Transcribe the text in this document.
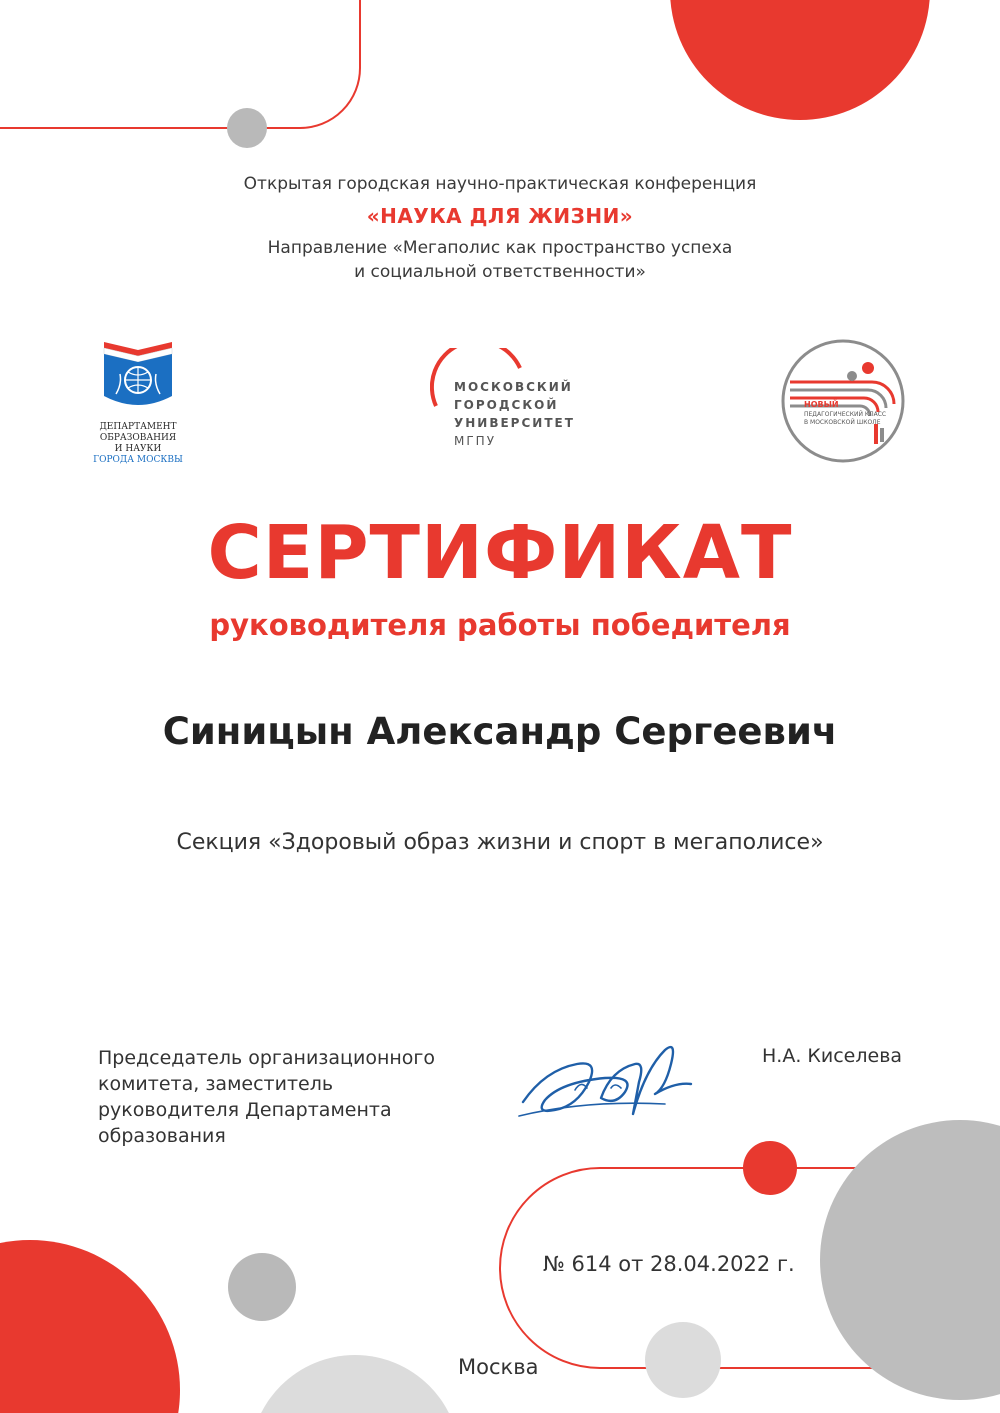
Открытая городская научно-практическая конференция
«НАУКА ДЛЯ ЖИЗНИ»
Направление «Мегаполис как пространство успеха
и социальной ответственности»
ДЕПАРТАМЕНТ
ОБРАЗОВАНИЯ
И НАУКИ
ГОРОДА МОСКВЫ
МОСКОВСКИЙ
ГОРОДСКОЙ
УНИВЕРСИТЕТ
МГПУ
НОВЫЙ
ПЕДАГОГИЧЕСКИЙ КЛАСС
В МОСКОВСКОЙ ШКОЛЕ
СЕРТИФИКАТ
руководителя работы победителя
Синицын Александр Сергеевич
Секция «Здоровый образ жизни и спорт в мегаполисе»
Председатель организационного
комитета, заместитель
руководителя Департамента
образования
Н.А. Киселева
№ 614 от 28.04.2022 г.
Москва
